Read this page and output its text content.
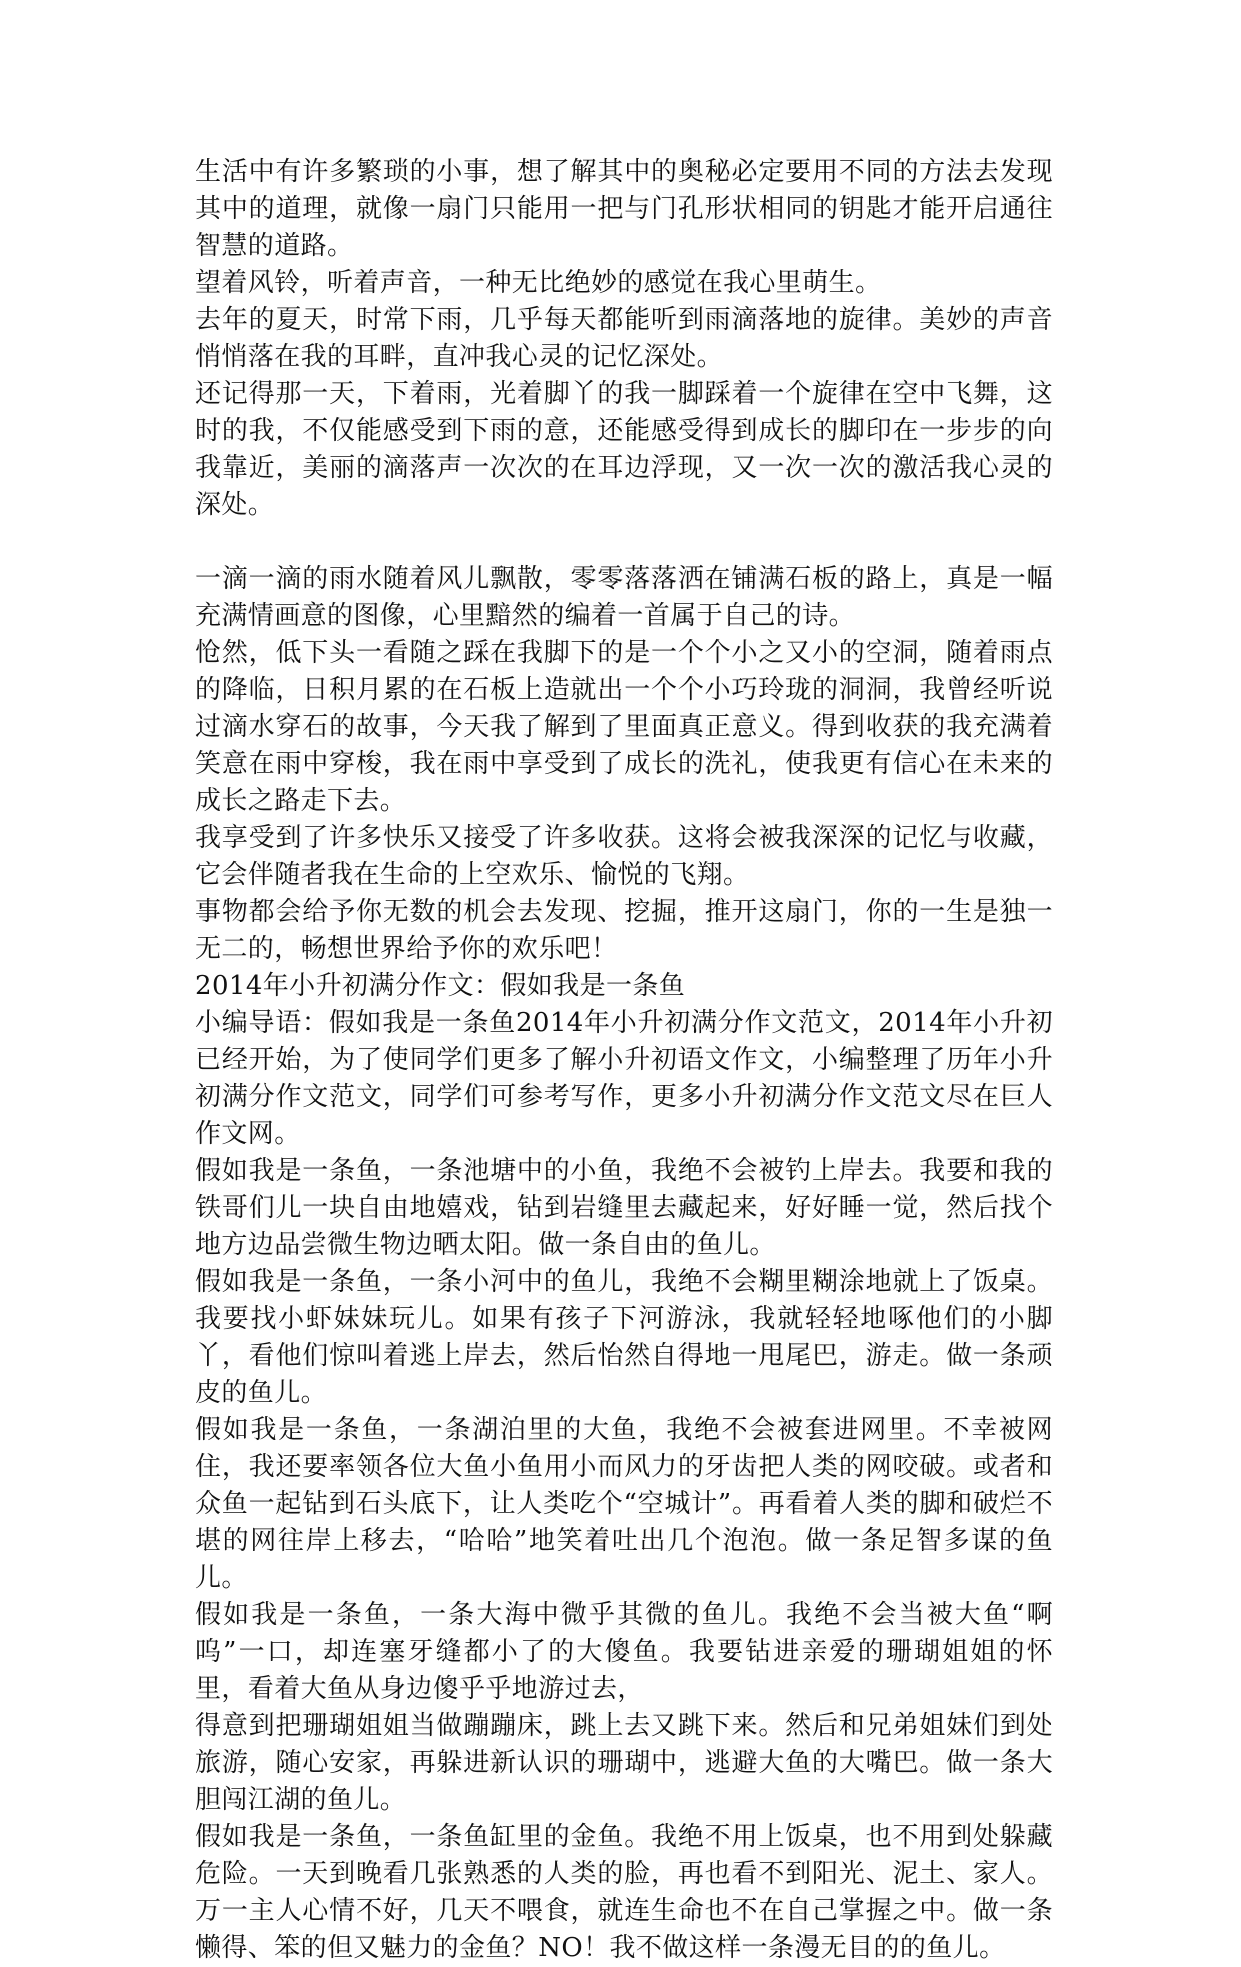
生活中有许多繁琐的小事，想了解其中的奥秘必定要用不同的方法去发现其中的道理，就像一扇门只能用一把与门孔形状相同的钥匙才能开启通往智慧的道路。

望着风铃，听着声音，一种无比绝妙的感觉在我心里萌生。

去年的夏天，时常下雨，几乎每天都能听到雨滴落地的旋律。美妙的声音悄悄落在我的耳畔，直冲我心灵的记忆深处。

还记得那一天，下着雨，光着脚丫的我一脚踩着一个旋律在空中飞舞，这时的我，不仅能感受到下雨的意，还能感受得到成长的脚印在一步步的向我靠近，美丽的滴落声一次次的在耳边浮现，又一次一次的激活我心灵的深处。

一滴一滴的雨水随着风儿飘散，零零落落洒在铺满石板的路上，真是一幅充满情画意的图像，心里黯然的编着一首属于自己的诗。

怆然，低下头一看随之踩在我脚下的是一个个小之又小的空洞，随着雨点的降临，日积月累的在石板上造就出一个个小巧玲珑的洞洞，我曾经听说过滴水穿石的故事，今天我了解到了里面真正意义。得到收获的我充满着笑意在雨中穿梭，我在雨中享受到了成长的洗礼，使我更有信心在未来的成长之路走下去。

我享受到了许多快乐又接受了许多收获。这将会被我深深的记忆与收藏，它会伴随者我在生命的上空欢乐、愉悦的飞翔。

事物都会给予你无数的机会去发现、挖掘，推开这扇门，你的一生是独一无二的，畅想世界给予你的欢乐吧！

2014年小升初满分作文：假如我是一条鱼

小编导语：假如我是一条鱼2014年小升初满分作文范文，2014年小升初已经开始，为了使同学们更多了解小升初语文作文，小编整理了历年小升初满分作文范文，同学们可参考写作，更多小升初满分作文范文尽在巨人作文网。

假如我是一条鱼，一条池塘中的小鱼，我绝不会被钓上岸去。我要和我的铁哥们儿一块自由地嬉戏，钻到岩缝里去藏起来，好好睡一觉，然后找个地方边品尝微生物边晒太阳。做一条自由的鱼儿。

假如我是一条鱼，一条小河中的鱼儿，我绝不会糊里糊涂地就上了饭桌。我要找小虾妹妹玩儿。如果有孩子下河游泳，我就轻轻地啄他们的小脚丫，看他们惊叫着逃上岸去，然后怡然自得地一甩尾巴，游走。做一条顽皮的鱼儿。

假如我是一条鱼，一条湖泊里的大鱼，我绝不会被套进网里。不幸被网住，我还要率领各位大鱼小鱼用小而风力的牙齿把人类的网咬破。或者和众鱼一起钻到石头底下，让人类吃个“空城计”。再看着人类的脚和破烂不堪的网往岸上移去，“哈哈”地笑着吐出几个泡泡。做一条足智多谋的鱼儿。

假如我是一条鱼，一条大海中微乎其微的鱼儿。我绝不会当被大鱼“啊呜”一口，却连塞牙缝都小了的大傻鱼。我要钻进亲爱的珊瑚姐姐的怀里，看着大鱼从身边傻乎乎地游过去，

得意到把珊瑚姐姐当做蹦蹦床，跳上去又跳下来。然后和兄弟姐妹们到处旅游，随心安家，再躲进新认识的珊瑚中，逃避大鱼的大嘴巴。做一条大胆闯江湖的鱼儿。

假如我是一条鱼，一条鱼缸里的金鱼。我绝不用上饭桌，也不用到处躲藏危险。一天到晚看几张熟悉的人类的脸，再也看不到阳光、泥土、家人。万一主人心情不好，几天不喂食，就连生命也不在自己掌握之中。做一条懒得、笨的但又魅力的金鱼？NO！我不做这样一条漫无目的的鱼儿。
